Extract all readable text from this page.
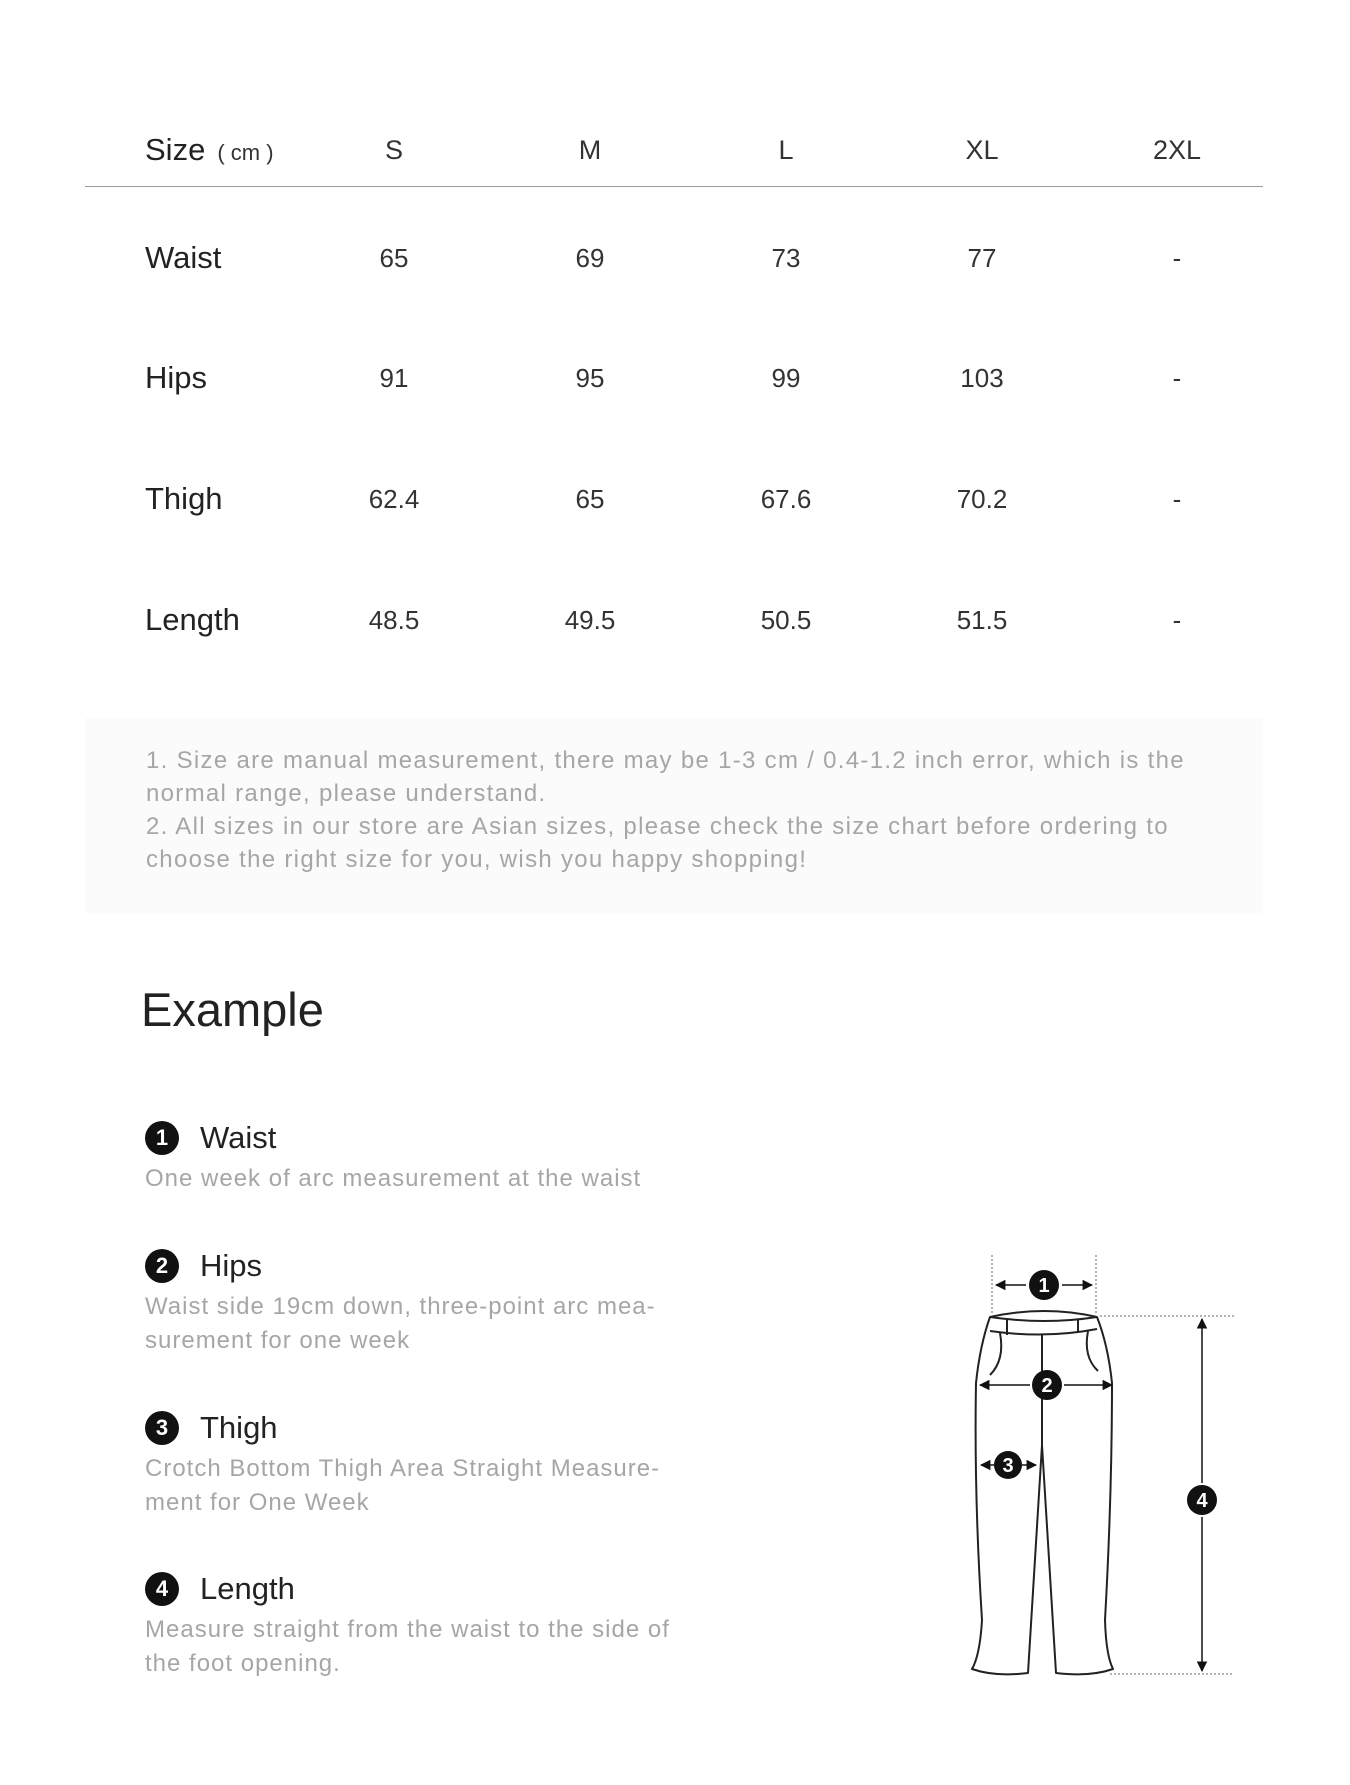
Size ( cm )	S	M	L	XL	2XL
Waist	65	69	73	77	-
Hips	91	95	99	103	-
Thigh	62.4	65	67.6	70.2	-
Length	48.5	49.5	50.5	51.5	-
1. Size are manual measurement, there may be 1-3 cm / 0.4-1.2 inch error, which is the normal range, please understand.
2. All sizes in our store are Asian sizes, please check the size chart before ordering to choose the right size for you, wish you happy shopping!
Example
1	Waist
One week of arc measurement at the waist
2	Hips
Waist side 19cm down, three-point arc mea-surement for one week
3	Thigh
Crotch Bottom Thigh Area Straight Measure-ment for One Week
4	Length
Measure straight from the waist to the side of the foot opening.
1
2
3
4
